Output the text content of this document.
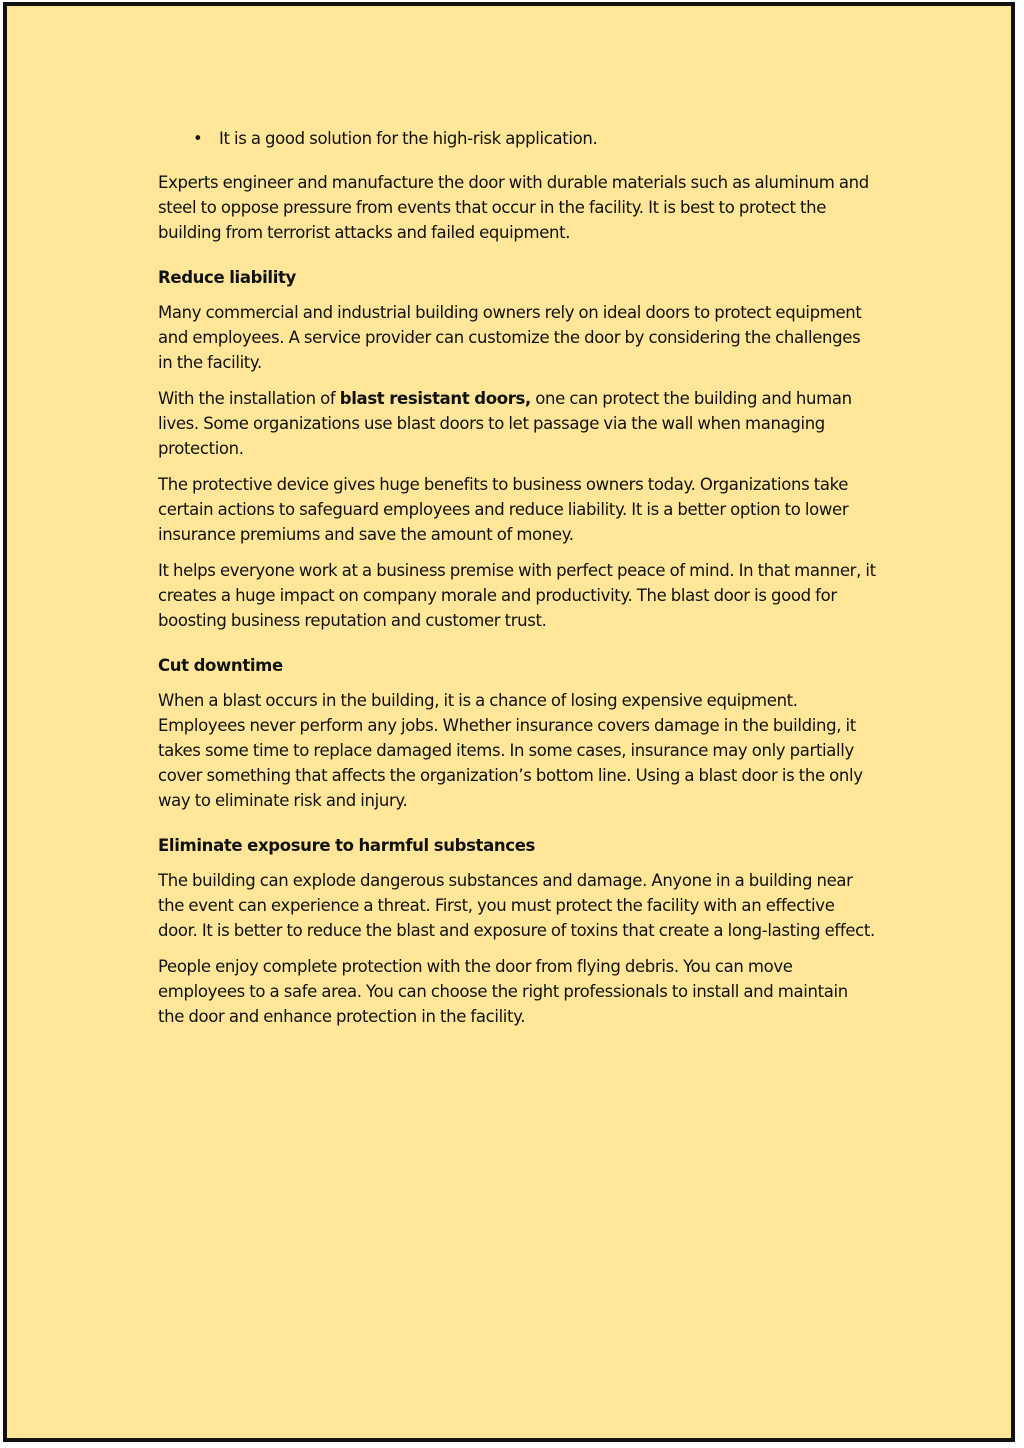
• It is a good solution for the high-risk application.

Experts engineer and manufacture the door with durable materials such as aluminum and steel to oppose pressure from events that occur in the facility. It is best to protect the building from terrorist attacks and failed equipment.

Reduce liability

Many commercial and industrial building owners rely on ideal doors to protect equipment and employees. A service provider can customize the door by considering the challenges in the facility.

With the installation of blast resistant doors, one can protect the building and human lives. Some organizations use blast doors to let passage via the wall when managing protection.

The protective device gives huge benefits to business owners today. Organizations take certain actions to safeguard employees and reduce liability. It is a better option to lower insurance premiums and save the amount of money.

It helps everyone work at a business premise with perfect peace of mind. In that manner, it creates a huge impact on company morale and productivity. The blast door is good for boosting business reputation and customer trust.

Cut downtime

When a blast occurs in the building, it is a chance of losing expensive equipment. Employees never perform any jobs. Whether insurance covers damage in the building, it takes some time to replace damaged items. In some cases, insurance may only partially cover something that affects the organization’s bottom line. Using a blast door is the only way to eliminate risk and injury.

Eliminate exposure to harmful substances

The building can explode dangerous substances and damage. Anyone in a building near the event can experience a threat. First, you must protect the facility with an effective door. It is better to reduce the blast and exposure of toxins that create a long-lasting effect.

People enjoy complete protection with the door from flying debris. You can move employees to a safe area. You can choose the right professionals to install and maintain the door and enhance protection in the facility.
